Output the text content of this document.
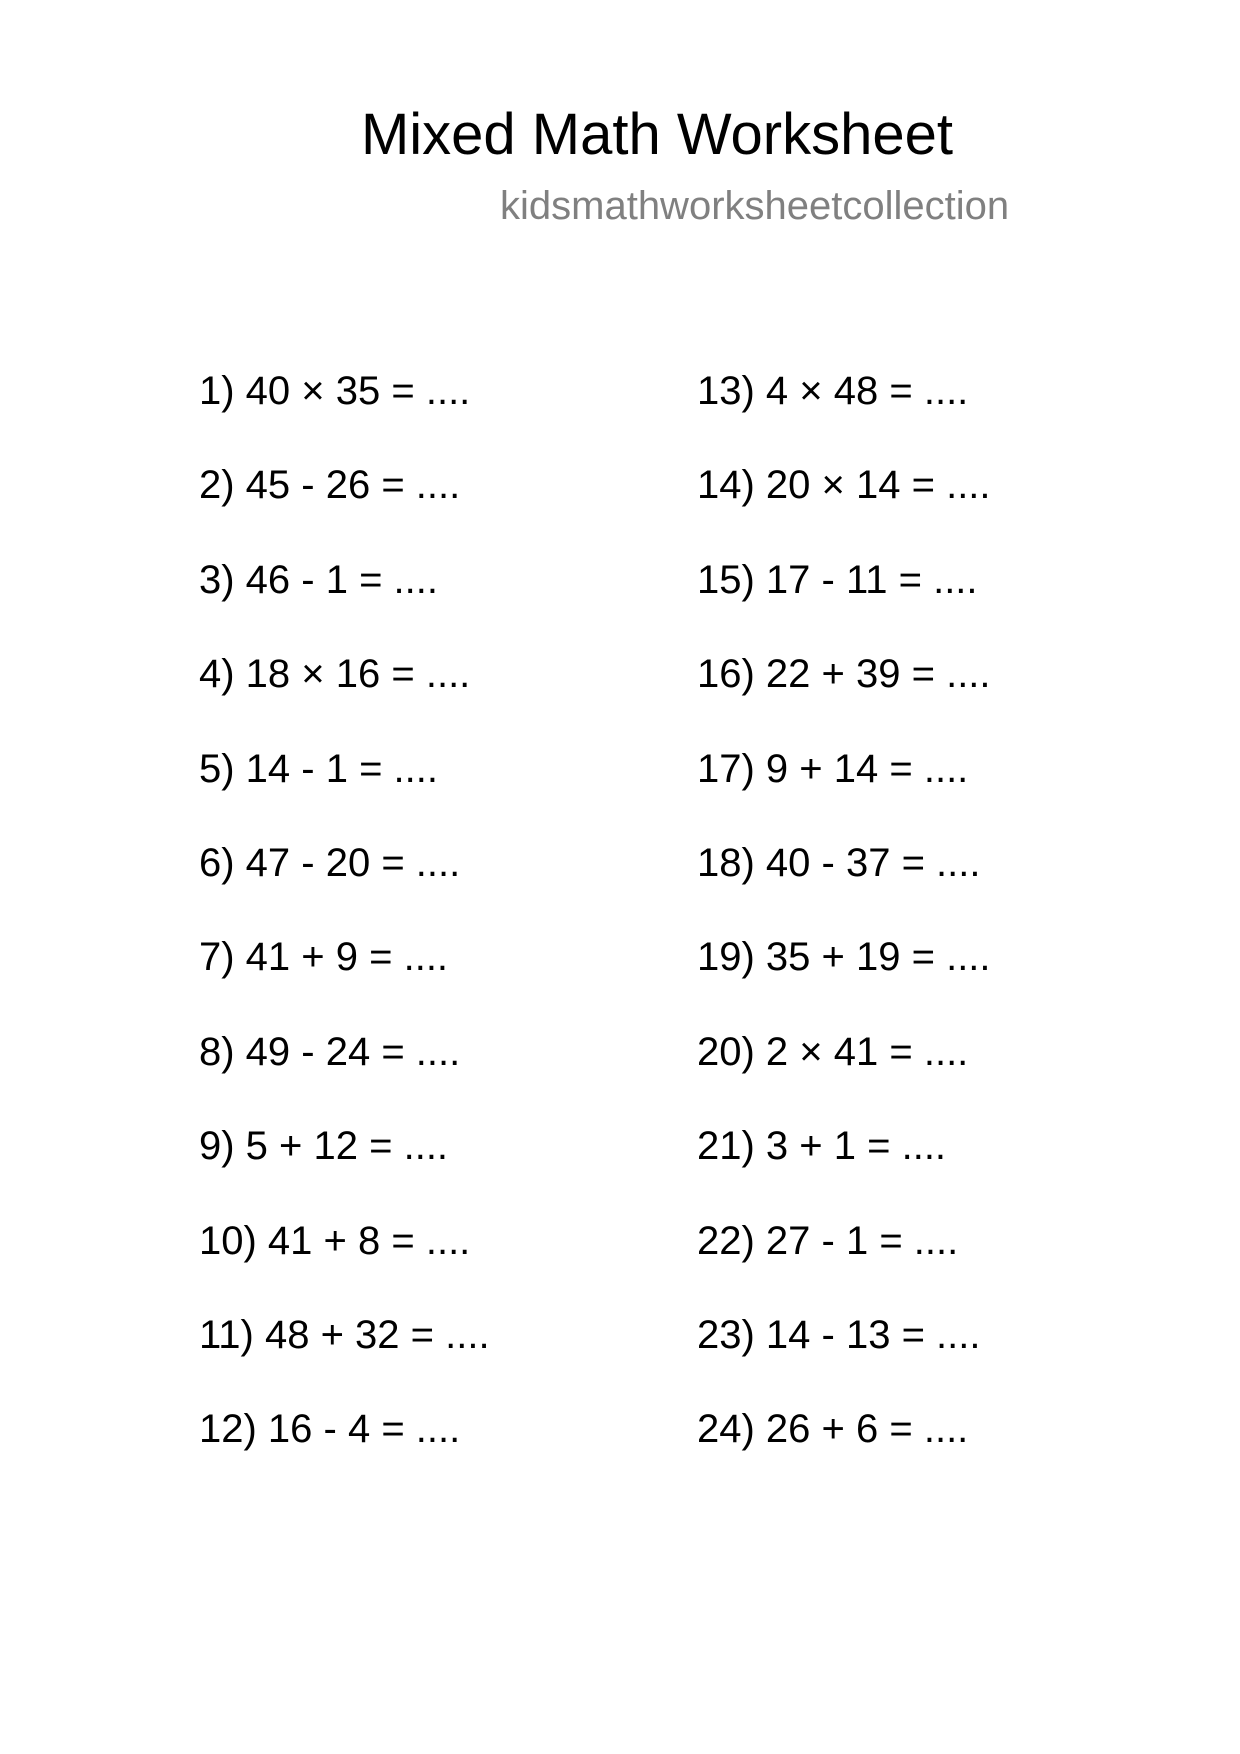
Mixed Math Worksheet
kidsmathworksheetcollection
1) 40 × 35 = ....
2) 45 - 26 = ....
3) 46 - 1 = ....
4) 18 × 16 = ....
5) 14 - 1 = ....
6) 47 - 20 = ....
7) 41 + 9 = ....
8) 49 - 24 = ....
9) 5 + 12 = ....
10) 41 + 8 = ....
11) 48 + 32 = ....
12) 16 - 4 = ....
13) 4 × 48 = ....
14) 20 × 14 = ....
15) 17 - 11 = ....
16) 22 + 39 = ....
17) 9 + 14 = ....
18) 40 - 37 = ....
19) 35 + 19 = ....
20) 2 × 41 = ....
21) 3 + 1 = ....
22) 27 - 1 = ....
23) 14 - 13 = ....
24) 26 + 6 = ....
